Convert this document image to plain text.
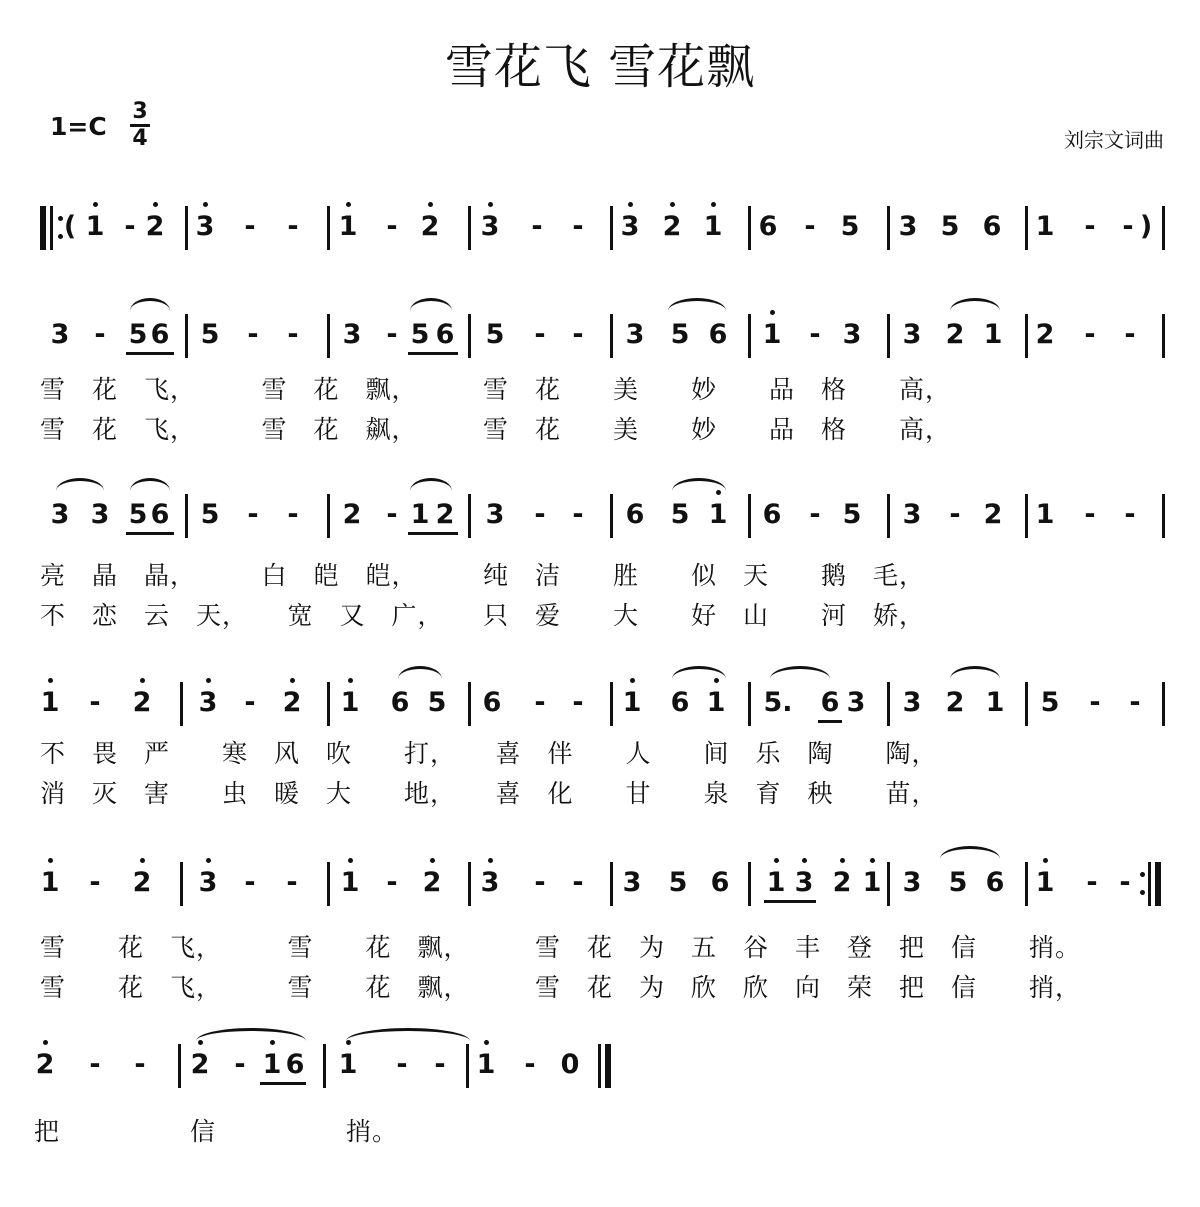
雪花飞 雪花飘
1=C
3
4	刘宗文词曲
( 1 - 2 3 - - 1 - 2 3 - - 3 2 1 6 - 5 3 5 6 1 - - )
3 - 5 6 5 - - 3 - 5 6 5 - - 3 5 6 1 - 3 3 2 1 2 - -
雪　花　飞，　　　雪　花　飘，　　　雪　花　　美　　妙　　品　格　　高，
雪　花　飞，　　　雪　花　飙，　　　雪　花　　美　　妙　　品　格　　高，
3 3 5 6 5 - - 2 - 1 2 3 - - 6 5 1 6 - 5 3 - 2 1 - -
亮　晶　晶，　　　白　皑　皑，　　　纯　洁　　胜　　似　天　　鹅　毛，
不　恋　云　天，　　宽　又　广，　　只　爱　　大　　好　山　　河　娇，
1 - 2 3 - 2 1 6 5 6 - - 1 6 1 5. 6 3 3 2 1 5 - -
不　畏　严　　寒　风　吹　　打，　　喜　伴　　人　　间　乐　陶　　陶，
消　灭　害　　虫　暖　大　　地，　　喜　化　　甘　　泉　育　秧　　苗，
1 - 2 3 - - 1 - 2 3 - - 3 5 6 1 3 2 1 3 5 6 1 - -
雪　　花　飞，　　　雪　　花　飘，　　　雪　花　为　五　谷　丰　登　把　信　　捎。
雪　　花　飞，　　　雪　　花　飘，　　　雪　花　为　欣　欣　向　荣　把　信　　捎，
2 - - 2 - 1 6 1 - - 1 - 0
把　　　　　信　　　　　捎。
